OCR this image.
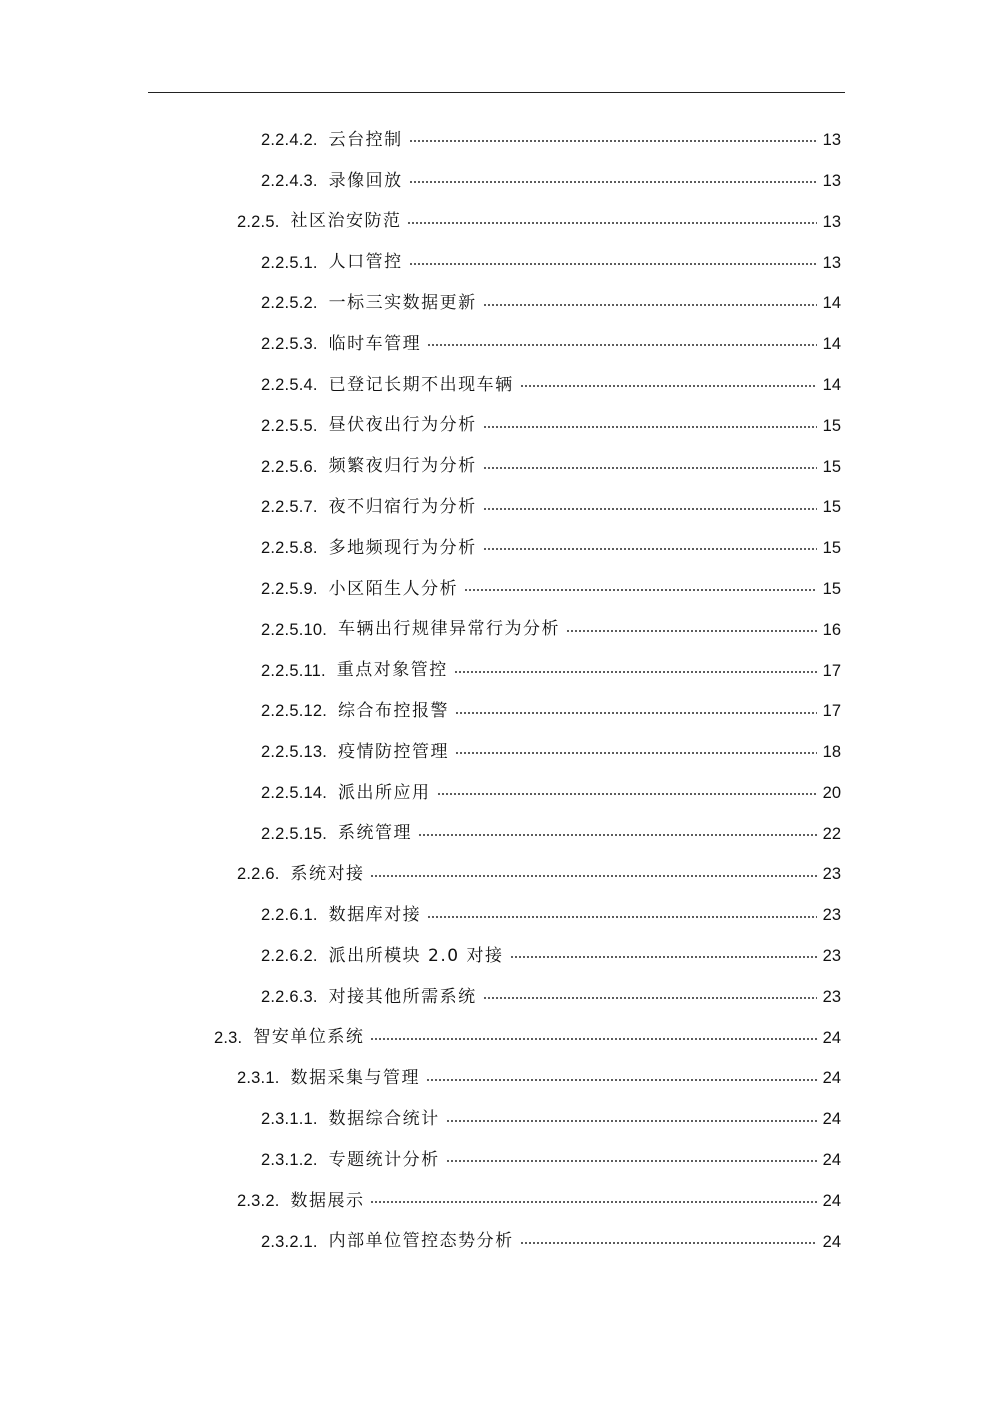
2.2.4.2. 云台控制	13
2.2.4.3. 录像回放	13
2.2.5. 社区治安防范	13
2.2.5.1. 人口管控	13
2.2.5.2. 一标三实数据更新	14
2.2.5.3. 临时车管理	14
2.2.5.4. 已登记长期不出现车辆	14
2.2.5.5. 昼伏夜出行为分析	15
2.2.5.6. 频繁夜归行为分析	15
2.2.5.7. 夜不归宿行为分析	15
2.2.5.8. 多地频现行为分析	15
2.2.5.9. 小区陌生人分析	15
2.2.5.10. 车辆出行规律异常行为分析	16
2.2.5.11. 重点对象管控	17
2.2.5.12. 综合布控报警	17
2.2.5.13. 疫情防控管理	18
2.2.5.14. 派出所应用	20
2.2.5.15. 系统管理	22
2.2.6. 系统对接	23
2.2.6.1. 数据库对接	23
2.2.6.2. 派出所模块 2.0 对接	23
2.2.6.3. 对接其他所需系统	23
2.3. 智安单位系统	24
2.3.1. 数据采集与管理	24
2.3.1.1. 数据综合统计	24
2.3.1.2. 专题统计分析	24
2.3.2. 数据展示	24
2.3.2.1. 内部单位管控态势分析	24
